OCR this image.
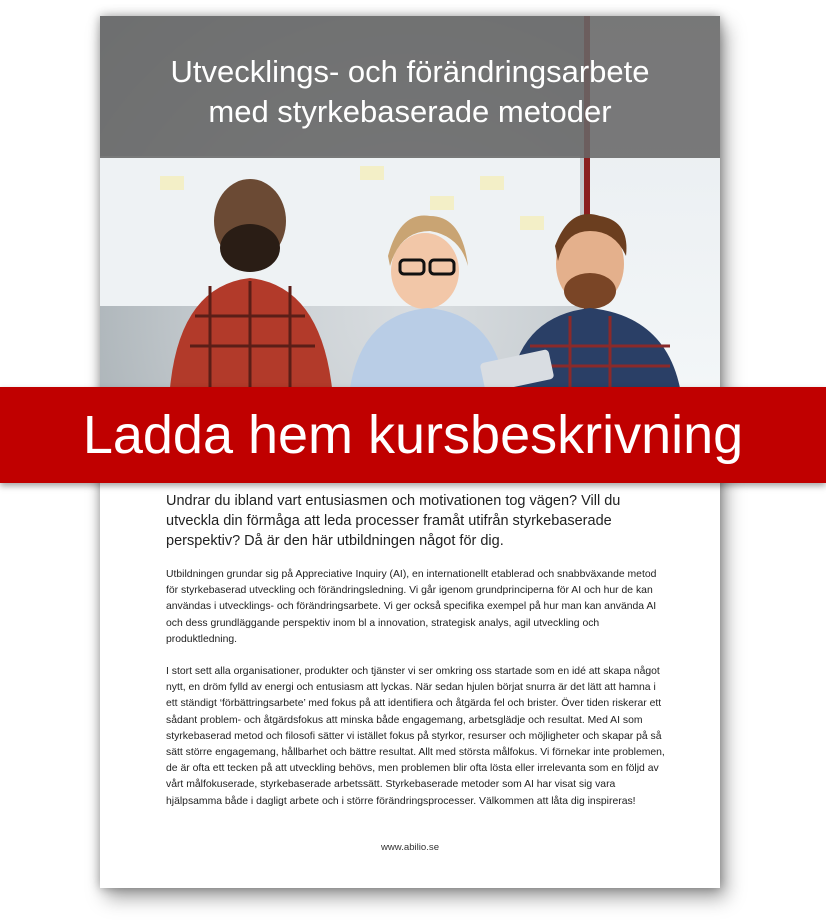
Utvecklings- och förändringsarbete
med styrkebaserade metoder

Undrar du ibland vart entusiasmen och motivationen tog vägen? Vill du utveckla din förmåga att leda processer framåt utifrån styrkebaserade perspektiv? Då är den här utbildningen något för dig.

Utbildningen grundar sig på Appreciative Inquiry (AI), en internationellt etablerad och snabbväxande metod för styrkebaserad utveckling och förändringsledning. Vi går igenom grundprinciperna för AI och hur de kan användas i utvecklings- och förändringsarbete. Vi ger också specifika exempel på hur man kan använda AI och dess grundläggande perspektiv inom bl a innovation, strategisk analys, agil utveckling och produktledning.

I stort sett alla organisationer, produkter och tjänster vi ser omkring oss startade som en idé att skapa något nytt, en dröm fylld av energi och entusiasm att lyckas. När sedan hjulen börjat snurra är det lätt att hamna i ett ständigt ‘förbättringsarbete’ med fokus på att identifiera och åtgärda fel och brister. Över tiden riskerar ett sådant problem- och åtgärdsfokus att minska både engagemang, arbetsglädje och resultat. Med AI som styrkebaserad metod och filosofi sätter vi istället fokus på styrkor, resurser och möjligheter och skapar på så sätt större engagemang, hållbarhet och bättre resultat. Allt med största målfokus. Vi förnekar inte problemen, de är ofta ett tecken på att utveckling behövs, men problemen blir ofta lösta eller irrelevanta som en följd av vårt målfokuserade, styrkebaserade arbetssätt. Styrkebaserade metoder som AI har visat sig vara hjälpsamma både i dagligt arbete och i större förändringsprocesser. Välkommen att låta dig inspireras!

www.abilio.se
Ladda hem kursbeskrivning
